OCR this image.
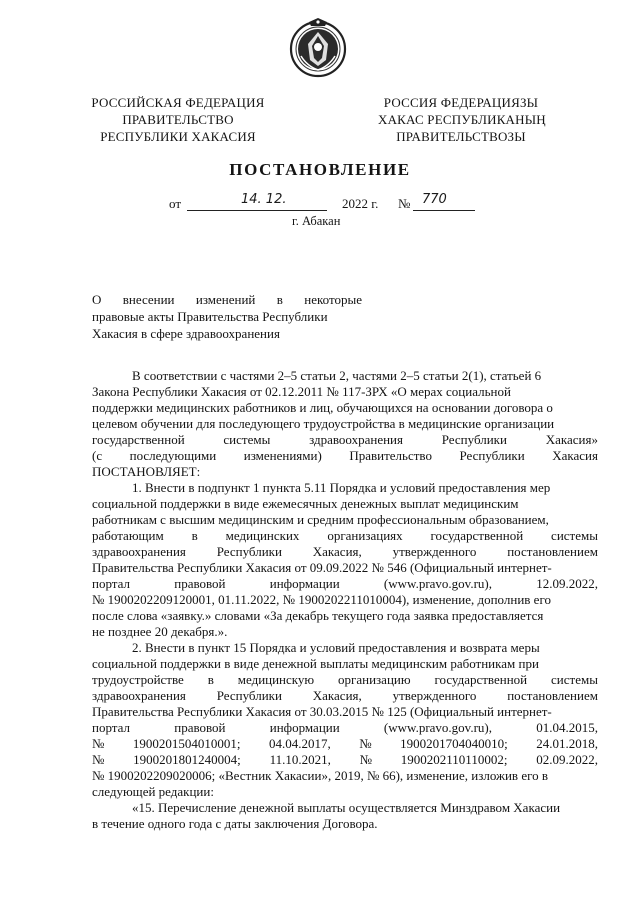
РОССИЙСКАЯ ФЕДЕРАЦИЯ
ПРАВИТЕЛЬСТВО
РЕСПУБЛИКИ ХАКАСИЯ
РОССИЯ ФЕДЕРАЦИЯЗЫ
ХАКАС РЕСПУБЛИКАНЫҢ
ПРАВИТЕЛЬСТВОЗЫ
ПОСТАНОВЛЕНИЕ
от	14. 12.	2022 г. № 770
г. Абакан
О внесении изменений в некоторые
правовые акты Правительства Республики
Хакасия в сфере здравоохранения
В соответствии с частями 2–5 статьи 2, частями 2–5 статьи 2(1), статьей 6
Закона Республики Хакасия от 02.12.2011 № 117-ЗРХ «О мерах социальной
поддержки медицинских работников и лиц, обучающихся на основании договора о
целевом обучении для последующего трудоустройства в медицинские организации
государственной	системы	здравоохранения	Республики	Хакасия»
(с последующими изменениями) Правительство Республики Хакасия
ПОСТАНОВЛЯЕТ:
1. Внести в подпункт 1 пункта 5.11 Порядка и условий предоставления мер
социальной поддержки в виде ежемесячных денежных выплат медицинским
работникам с высшим медицинским и средним профессиональным образованием,
работающим в медицинских организациях государственной системы
здравоохранения Республики Хакасия, утвержденного постановлением
Правительства Республики Хакасия от 09.09.2022 № 546 (Официальный интернет-
портал	правовой	информации	(www.pravo.gov.ru),	12.09.2022,
№ 1900202209120001, 01.11.2022, № 1900202211010004), изменение, дополнив его
после слова «заявку.» словами «За декабрь текущего года заявка предоставляется
не позднее 20 декабря.».
2. Внести в пункт 15 Порядка и условий предоставления и возврата меры
социальной поддержки в виде денежной выплаты медицинским работникам при
трудоустройстве в медицинскую организацию государственной системы
здравоохранения Республики Хакасия, утвержденного постановлением
Правительства Республики Хакасия от 30.03.2015 № 125 (Официальный интернет-
портал	правовой	информации	(www.pravo.gov.ru),	01.04.2015,
№ 1900201504010001; 04.04.2017, № 1900201704040010; 24.01.2018,
№ 1900201801240004; 11.10.2021, № 1900202110110002; 02.09.2022,
№ 1900202209020006; «Вестник Хакасии», 2019, № 66), изменение, изложив его в
следующей редакции:
«15. Перечисление денежной выплаты осуществляется Минздравом Хакасии
в течение одного года с даты заключения Договора.
